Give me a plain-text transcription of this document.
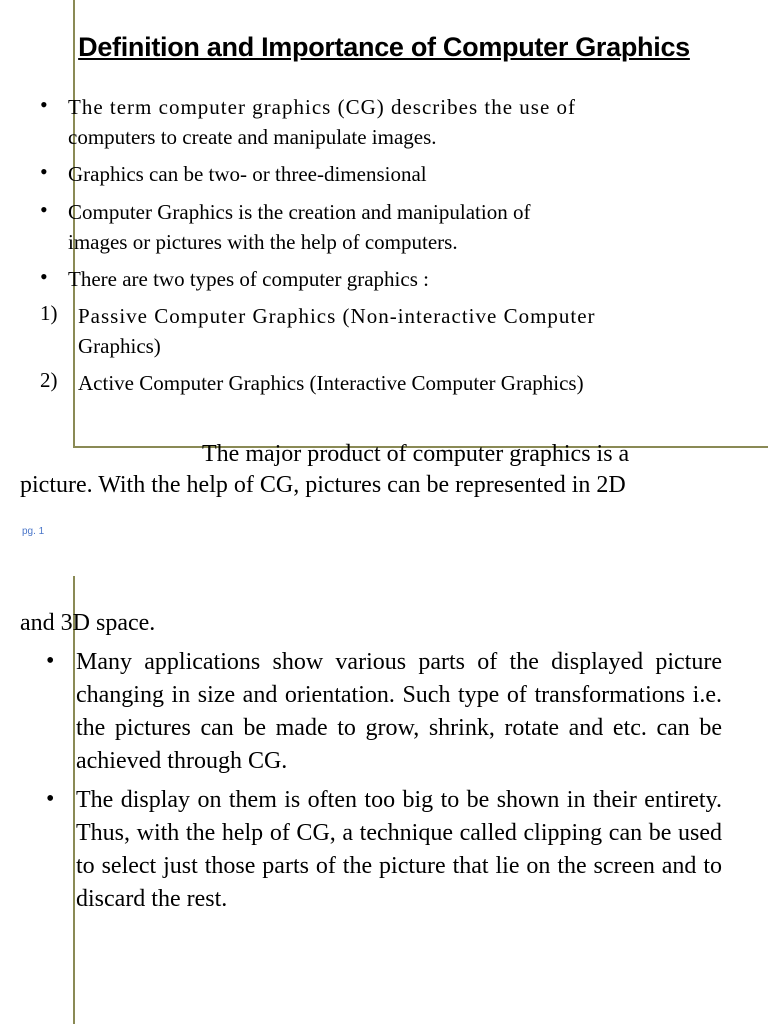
Definition and Importance of Computer Graphics
• The term computer graphics (CG) describes the use of
computers to create and manipulate images.
• Graphics can be two- or three-dimensional
• Computer Graphics is the creation and manipulation of
images or pictures with the help of computers.
• There are two types of computer graphics :
1) Passive Computer Graphics (Non-interactive Computer
Graphics)
2) Active Computer Graphics (Interactive Computer Graphics)
The major product of computer graphics is a
picture. With the help of CG, pictures can be represented in 2D
pg. 1
and 3D space.
• Many applications show various parts of the displayed picture changing in size and orientation. Such type of transformations i.e. the pictures can be made to grow, shrink, rotate and etc. can be achieved through CG.
• The display on them is often too big to be shown in their entirety. Thus, with the help of CG, a technique called clipping can be used to select just those parts of the picture that lie on the screen and to discard the rest.
